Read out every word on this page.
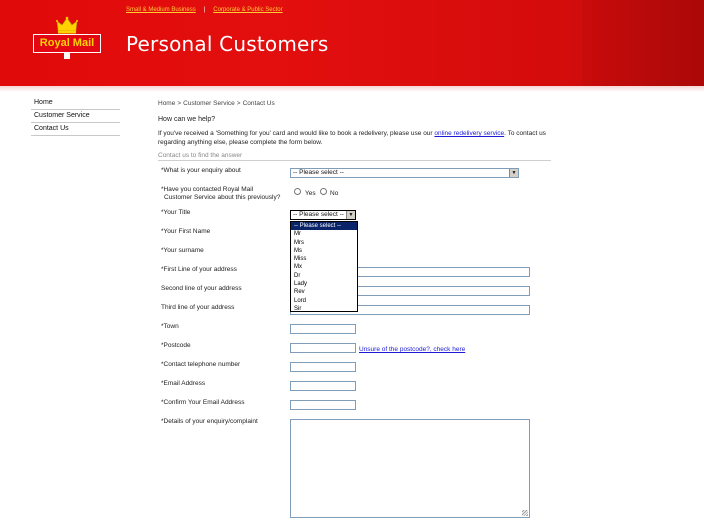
Small & Medium Business | Corporate & Public Sector
Royal Mail	Personal Customers
Home
Customer Service
Contact Us
Home > Customer Service > Contact Us
How can we help?
If you've received a 'Something for you' card and would like to book a redelivery, please use our online redelivery service. To contact us regarding anything else, please complete the form below.
Contact us to find the answer
*What is your enquiry about	-- Please select --	▼
*Have you contacted Royal Mail
Customer Service about this previously?
Yes No
*Your Title	-- Please select -- ▼
-- Please select --
Mr
Mrs
Ms
Miss
Mx
Dr
Lady
Rev
Lord
Sir
*Your First Name
*Your surname
*First Line of your address
Second line of your address
Third line of your address
*Town
*Postcode
Unsure of the postcode?, check here
*Contact telephone number
*Email Address
*Confirm Your Email Address
*Details of your enquiry/complaint
